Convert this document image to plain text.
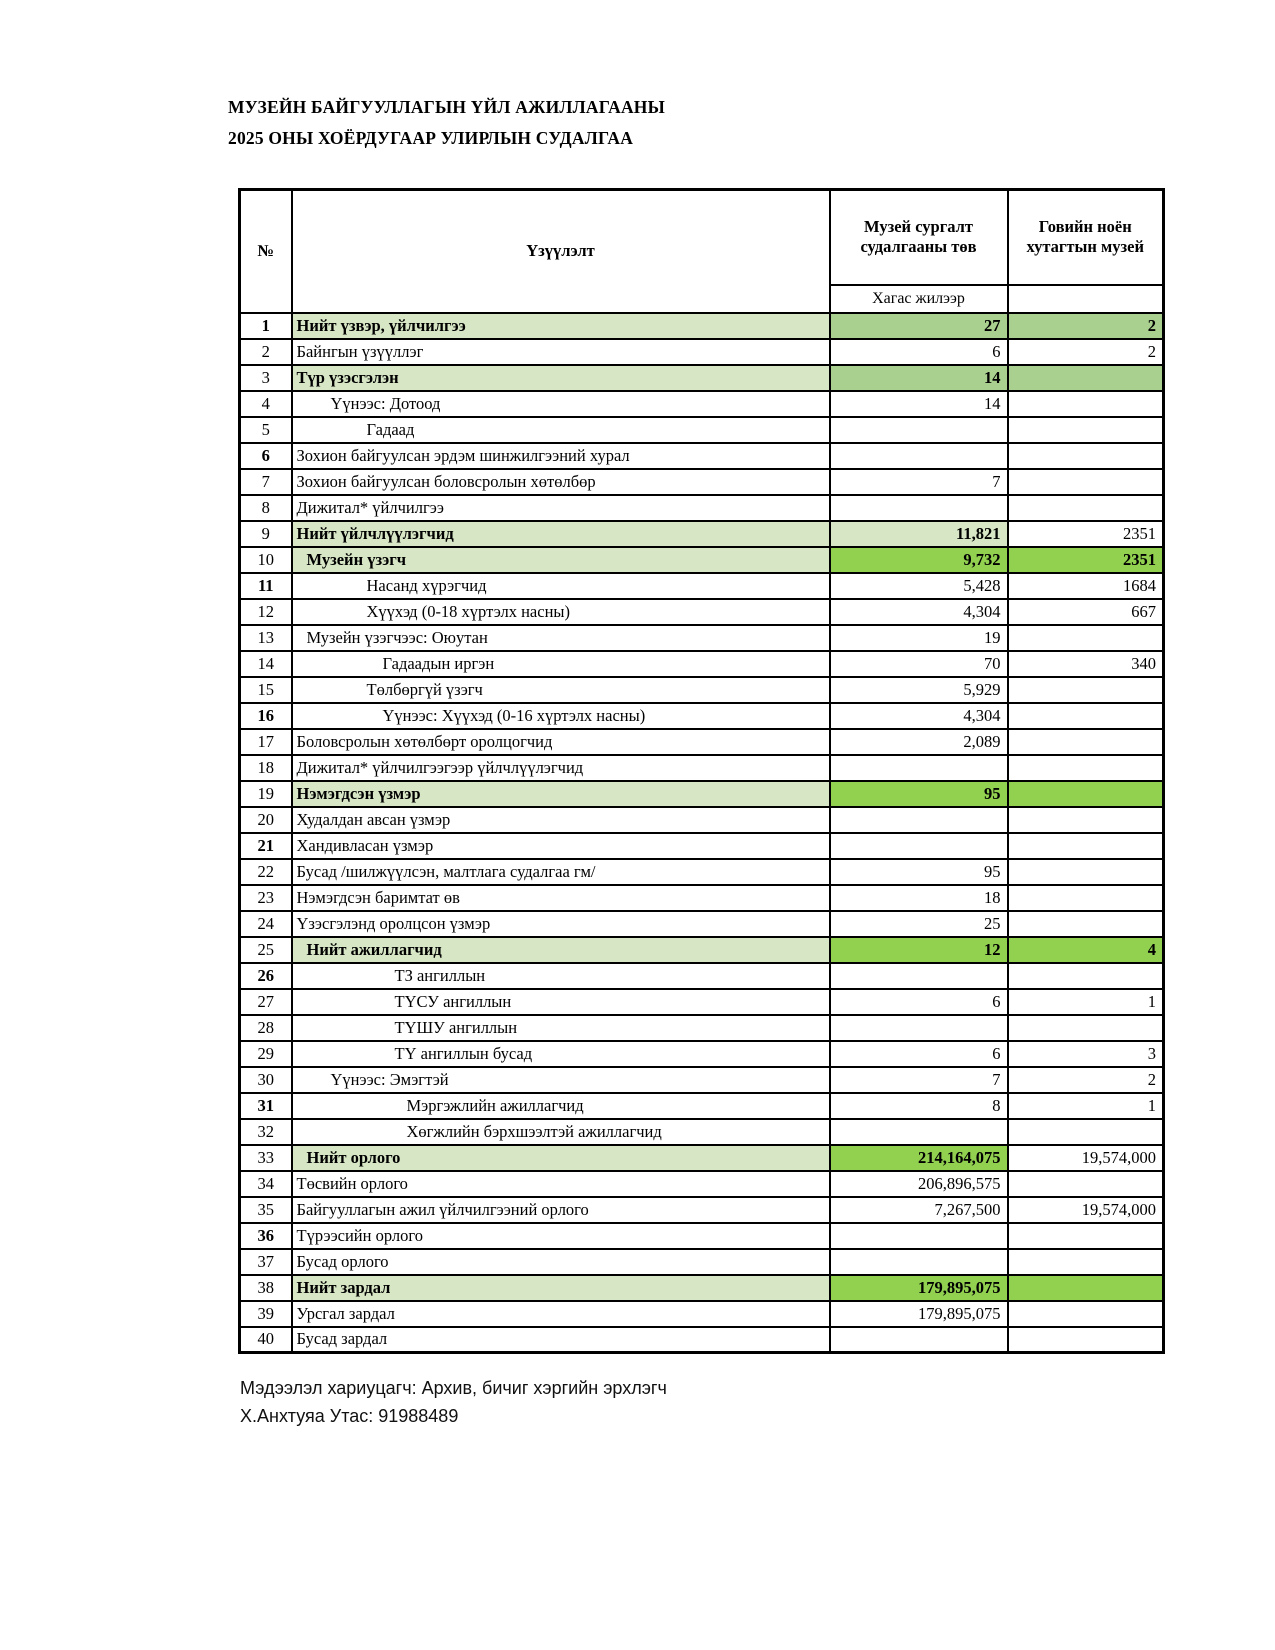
МУЗЕЙН БАЙГУУЛЛАГЫН ҮЙЛ АЖИЛЛАГААНЫ
2025 ОНЫ ХОЁРДУГААР УЛИРЛЫН СУДАЛГАА
№	Үзүүлэлт	Музей сургалт судалгааны төв	Говийн ноён хутагтын музей
		Хагас жилээр	
1	Нийт үзвэр, үйлчилгээ	27	2
2	Байнгын үзүүллэг	6	2
3	Түр үзэсгэлэн	14	
4	Үүнээс: Дотоод	14	
5	Гадаад		
6	Зохион байгуулсан эрдэм шинжилгээний хурал		
7	Зохион байгуулсан боловсролын хөтөлбөр	7	
8	Дижитал* үйлчилгээ		
9	Нийт үйлчлүүлэгчид	11,821	2351
10	Музейн үзэгч	9,732	2351
11	Насанд хүрэгчид	5,428	1684
12	Хүүхэд (0-18 хүртэлх насны)	4,304	667
13	Музейн үзэгчээс: Оюутан	19	
14	Гадаадын иргэн	70	340
15	Төлбөргүй үзэгч	5,929	
16	Үүнээс: Хүүхэд (0-16 хүртэлх насны)	4,304	
17	Боловсролын хөтөлбөрт оролцогчид	2,089	
18	Дижитал* үйлчилгээгээр үйлчлүүлэгчид		
19	Нэмэгдсэн үзмэр	95	
20	Худалдан авсан үзмэр		
21	Хандивласан үзмэр		
22	Бусад /шилжүүлсэн, малтлага судалгаа гм/	95	
23	Нэмэгдсэн баримтат өв	18	
24	Үзэсгэлэнд оролцсон үзмэр	25	
25	Нийт ажиллагчид	12	4
26	ТЗ ангиллын		
27	ТҮСУ ангиллын	6	1
28	ТҮШУ ангиллын		
29	ТҮ ангиллын бусад	6	3
30	Үүнээс: Эмэгтэй	7	2
31	Мэргэжлийн ажиллагчид	8	1
32	Хөгжлийн бэрхшээлтэй ажиллагчид		
33	Нийт орлого	214,164,075	19,574,000
34	Төсвийн орлого	206,896,575	
35	Байгууллагын ажил үйлчилгээний орлого	7,267,500	19,574,000
36	Түрээсийн орлого		
37	Бусад орлого		
38	Нийт зардал	179,895,075	
39	Урсгал зардал	179,895,075	
40	Бусад зардал		
Мэдээлэл хариуцагч: Архив, бичиг хэргийн эрхлэгч
Х.Анхтуяа Утас: 91988489
